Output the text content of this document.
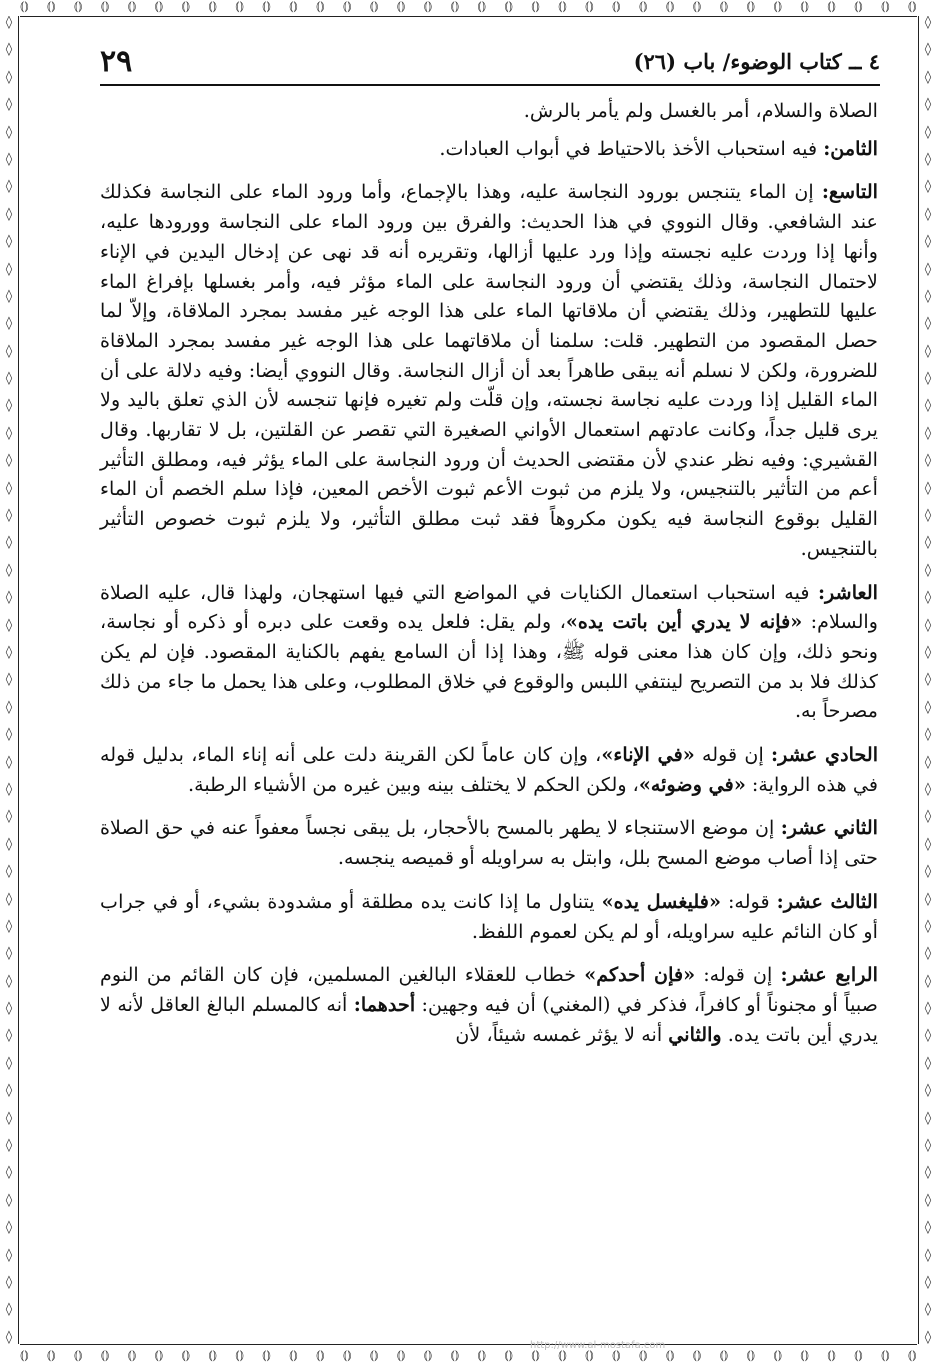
⦅⦆ ⦅⦆ ⦅⦆ ⦅⦆ ⦅⦆ ⦅⦆ ⦅⦆ ⦅⦆ ⦅⦆ ⦅⦆ ⦅⦆ ⦅⦆ ⦅⦆ ⦅⦆ ⦅⦆ ⦅⦆ ⦅⦆ ⦅⦆ ⦅⦆ ⦅⦆ ⦅⦆ ⦅⦆ ⦅⦆ ⦅⦆ ⦅⦆ ⦅⦆ ⦅⦆ ⦅⦆ ⦅⦆ ⦅⦆ ⦅⦆ ⦅⦆ ⦅⦆ ⦅⦆
⦅⦆ ⦅⦆ ⦅⦆ ⦅⦆ ⦅⦆ ⦅⦆ ⦅⦆ ⦅⦆ ⦅⦆ ⦅⦆ ⦅⦆ ⦅⦆ ⦅⦆ ⦅⦆ ⦅⦆ ⦅⦆ ⦅⦆ ⦅⦆ ⦅⦆ ⦅⦆ ⦅⦆ ⦅⦆ ⦅⦆ ⦅⦆ ⦅⦆ ⦅⦆ ⦅⦆ ⦅⦆ ⦅⦆ ⦅⦆ ⦅⦆ ⦅⦆ ⦅⦆ ⦅⦆
◊
◊
◊
◊
◊
◊
◊
◊
◊
◊
◊
◊
◊
◊
◊
◊
◊
◊
◊
◊
◊
◊
◊
◊
◊
◊
◊
◊
◊
◊
◊
◊
◊
◊
◊
◊
◊
◊
◊
◊
◊
◊
◊
◊
◊
◊
◊
◊
◊
◊
◊
◊
◊
◊
◊
◊
◊
◊
◊
◊
◊
◊
◊
◊
◊
◊
◊
◊
◊
◊
◊
◊
◊
◊
◊
◊
◊
◊
◊
◊
◊
◊
◊
◊
◊
◊
◊
◊
◊
◊
◊
◊
◊
◊
◊
◊
◊
◊
٢٩	٤ ــ كتاب الوضوء/ باب (٢٦)

الصلاة والسلام، أمر بالغسل ولم يأمر بالرش.

الثامن: فيه استحباب الأخذ بالاحتياط في أبواب العبادات.

التاسع: إن الماء يتنجس بورود النجاسة عليه، وهذا بالإجماع، وأما ورود الماء على النجاسة فكذلك عند الشافعي. وقال النووي في هذا الحديث: والفرق بين ورود الماء على النجاسة وورودها عليه، وأنها إذا وردت عليه نجسته وإذا ورد عليها أزالها، وتقريره أنه قد نهى عن إدخال اليدين في الإناء لاحتمال النجاسة، وذلك يقتضي أن ورود النجاسة على الماء مؤثر فيه، وأمر بغسلها بإفراغ الماء عليها للتطهير، وذلك يقتضي أن ملاقاتها الماء على هذا الوجه غير مفسد بمجرد الملاقاة، وإلاّ لما حصل المقصود من التطهير. قلت: سلمنا أن ملاقاتهما على هذا الوجه غير مفسد بمجرد الملاقاة للضرورة، ولكن لا نسلم أنه يبقى طاهراً بعد أن أزال النجاسة. وقال النووي أيضا: وفيه دلالة على أن الماء القليل إذا وردت عليه نجاسة نجسته، وإن قلّت ولم تغيره فإنها تنجسه لأن الذي تعلق باليد ولا يرى قليل جداً، وكانت عادتهم استعمال الأواني الصغيرة التي تقصر عن القلتين، بل لا تقاربها. وقال القشيري: وفيه نظر عندي لأن مقتضى الحديث أن ورود النجاسة على الماء يؤثر فيه، ومطلق التأثير أعم من التأثير بالتنجيس، ولا يلزم من ثبوت الأعم ثبوت الأخص المعين، فإذا سلم الخصم أن الماء القليل بوقوع النجاسة فيه يكون مكروهاً فقد ثبت مطلق التأثير، ولا يلزم ثبوت خصوص التأثير بالتنجيس.

العاشر: فيه استحباب استعمال الكنايات في المواضع التي فيها استهجان، ولهذا قال، عليه الصلاة والسلام: «فإنه لا يدري أين باتت يده»، ولم يقل: فلعل يده وقعت على دبره أو ذكره أو نجاسة، ونحو ذلك، وإن كان هذا معنى قوله ﷺ، وهذا إذا أن السامع يفهم بالكناية المقصود. فإن لم يكن كذلك فلا بد من التصريح لينتفي اللبس والوقوع في خلاق المطلوب، وعلى هذا يحمل ما جاء من ذلك مصرحاً به.

الحادي عشر: إن قوله «في الإناء»، وإن كان عاماً لكن القرينة دلت على أنه إناء الماء، بدليل قوله في هذه الرواية: «في وضوئه»، ولكن الحكم لا يختلف بينه وبين غيره من الأشياء الرطبة.

الثاني عشر: إن موضع الاستنجاء لا يطهر بالمسح بالأحجار، بل يبقى نجساً معفواً عنه في حق الصلاة حتى إذا أصاب موضع المسح بلل، وابتل به سراويله أو قميصه ينجسه.

الثالث عشر: قوله: «فليغسل يده» يتناول ما إذا كانت يده مطلقة أو مشدودة بشيء، أو في جراب أو كان النائم عليه سراويله، أو لم يكن لعموم اللفظ.

الرابع عشر: إن قوله: «فإن أحدكم» خطاب للعقلاء البالغين المسلمين، فإن كان القائم من النوم صبياً أو مجنوناً أو كافراً، فذكر في (المغني) أن فيه وجهين: أحدهما: أنه كالمسلم البالغ العاقل لأنه لا يدري أين باتت يده. والثاني أنه لا يؤثر غمسه شيئاً، لأن

http://www.al-mostafa.com
